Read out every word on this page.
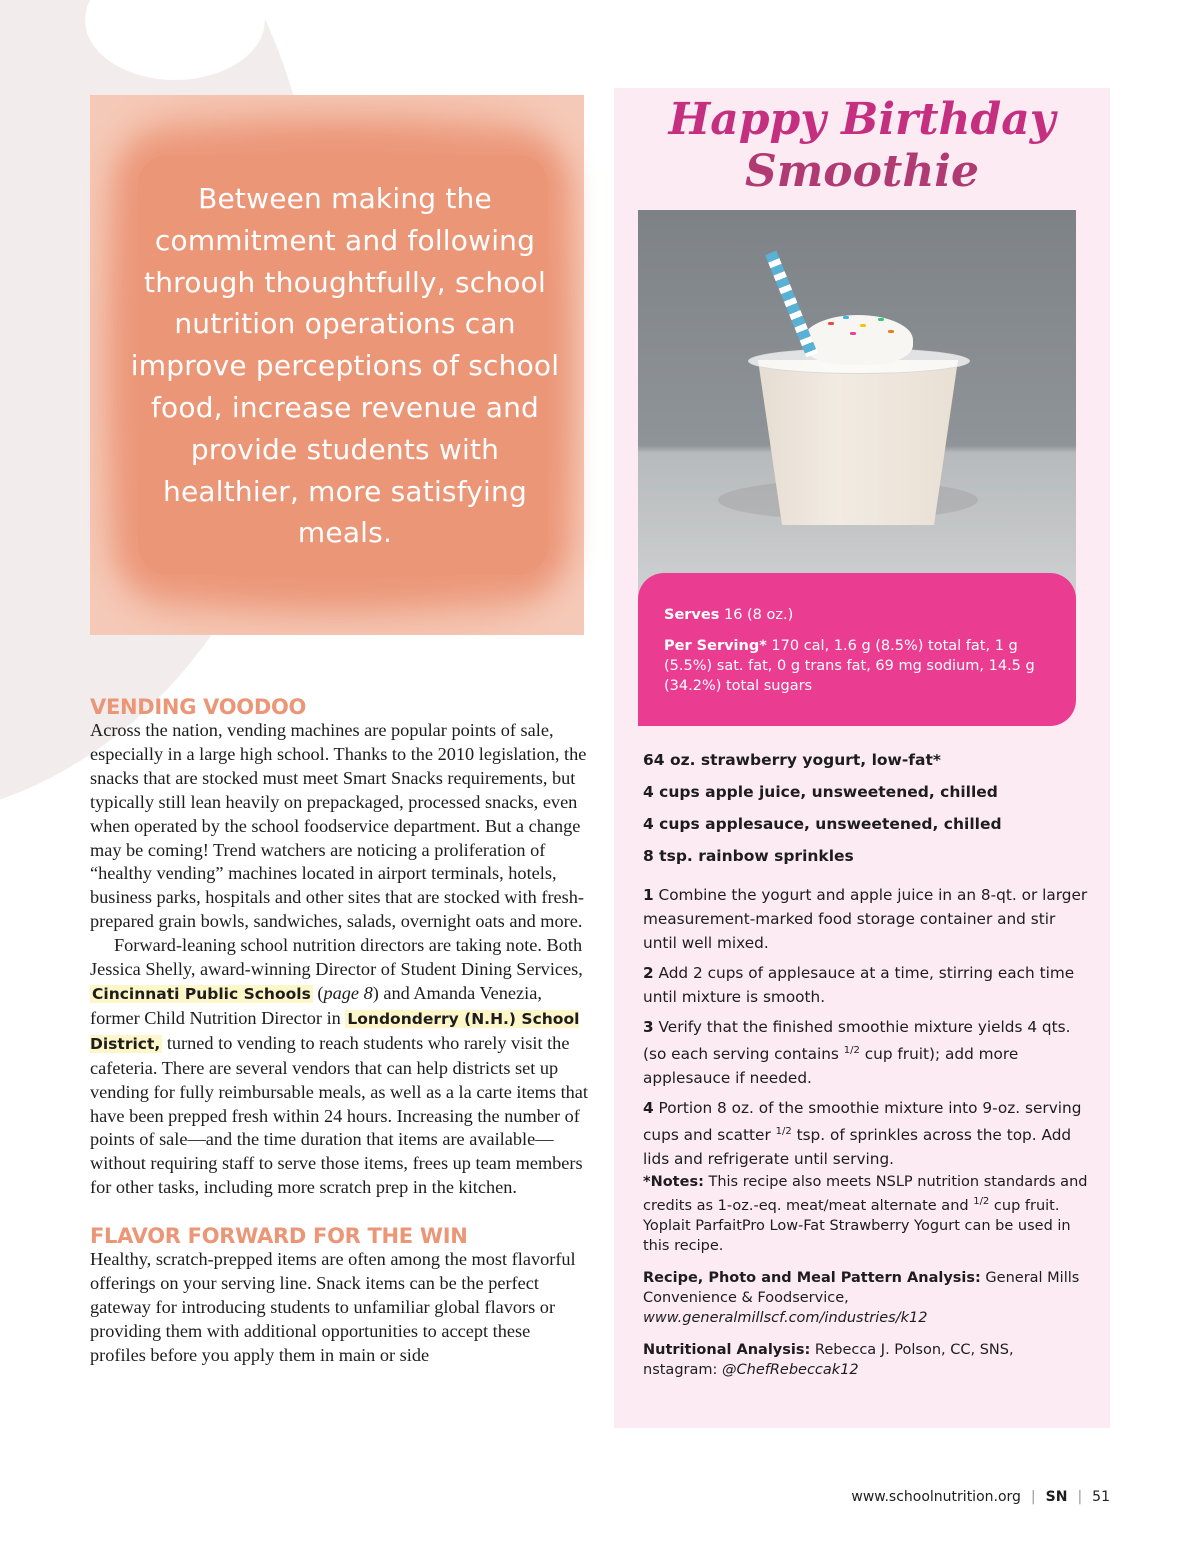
Between making the commitment and following through thoughtfully, school nutrition operations can improve perceptions of school food, increase revenue and provide students with healthier, more satisfying meals.
VENDING VOODOO

Across the nation, vending machines are popular points of sale, especially in a large high school. Thanks to the 2010 legislation, the snacks that are stocked must meet Smart Snacks requirements, but typically still lean heavily on prepackaged, processed snacks, even when operated by the school foodservice department. But a change may be coming! Trend watchers are noticing a proliferation of “healthy vending” machines located in airport terminals, hotels, business parks, hospitals and other sites that are stocked with fresh-prepared grain bowls, sandwiches, salads, overnight oats and more.

Forward-leaning school nutrition directors are taking note. Both Jessica Shelly, award-winning Director of Student Dining Services, Cincinnati Public Schools (page 8) and Amanda Venezia, former Child Nutrition Director in Londonderry (N.H.) School District, turned to vending to reach students who rarely visit the cafeteria. There are several vendors that can help districts set up vending for fully reimbursable meals, as well as a la carte items that have been prepped fresh within 24 hours. Increasing the number of points of sale—and the time duration that items are available—without requiring staff to serve those items, frees up team members for other tasks, including more scratch prep in the kitchen.

FLAVOR FORWARD FOR THE WIN

Healthy, scratch-prepped items are often among the most flavorful offerings on your serving line. Snack items can be the perfect gateway for introducing students to unfamiliar global flavors or providing them with additional opportunities to accept these profiles before you apply them in main or side

Happy Birthday
Smoothie

Serves 16 (8 oz.)

Per Serving* 170 cal, 1.6 g (8.5%) total fat, 1 g (5.5%) sat. fat, 0 g trans fat, 69 mg sodium, 14.5 g (34.2%) total sugars

64 oz. strawberry yogurt, low-fat*
4 cups apple juice, unsweetened, chilled
4 cups applesauce, unsweetened, chilled
8 tsp. rainbow sprinkles

1 Combine the yogurt and apple juice in an 8-qt. or larger measurement-marked food storage container and stir until well mixed.

2 Add 2 cups of applesauce at a time, stirring each time until mixture is smooth.

3 Verify that the finished smoothie mixture yields 4 qts. (so each serving contains $^{1/2}$ cup fruit); add more applesauce if needed.

4 Portion 8 oz. of the smoothie mixture into 9-oz. serving cups and scatter $^{1/2}$ tsp. of sprinkles across the top. Add lids and refrigerate until serving.

*Notes: This recipe also meets NSLP nutrition standards and credits as 1-oz.-eq. meat/meat alternate and $^{1/2}$ cup fruit. Yoplait ParfaitPro Low-Fat Strawberry Yogurt can be used in this recipe.

Recipe, Photo and Meal Pattern Analysis: General Mills Convenience & Foodservice, www.generalmillscf.com/industries/k12

Nutritional Analysis: Rebecca J. Polson, CC, SNS, nstagram: @ChefRebeccak12

www.schoolnutrition.org | SN | 51
